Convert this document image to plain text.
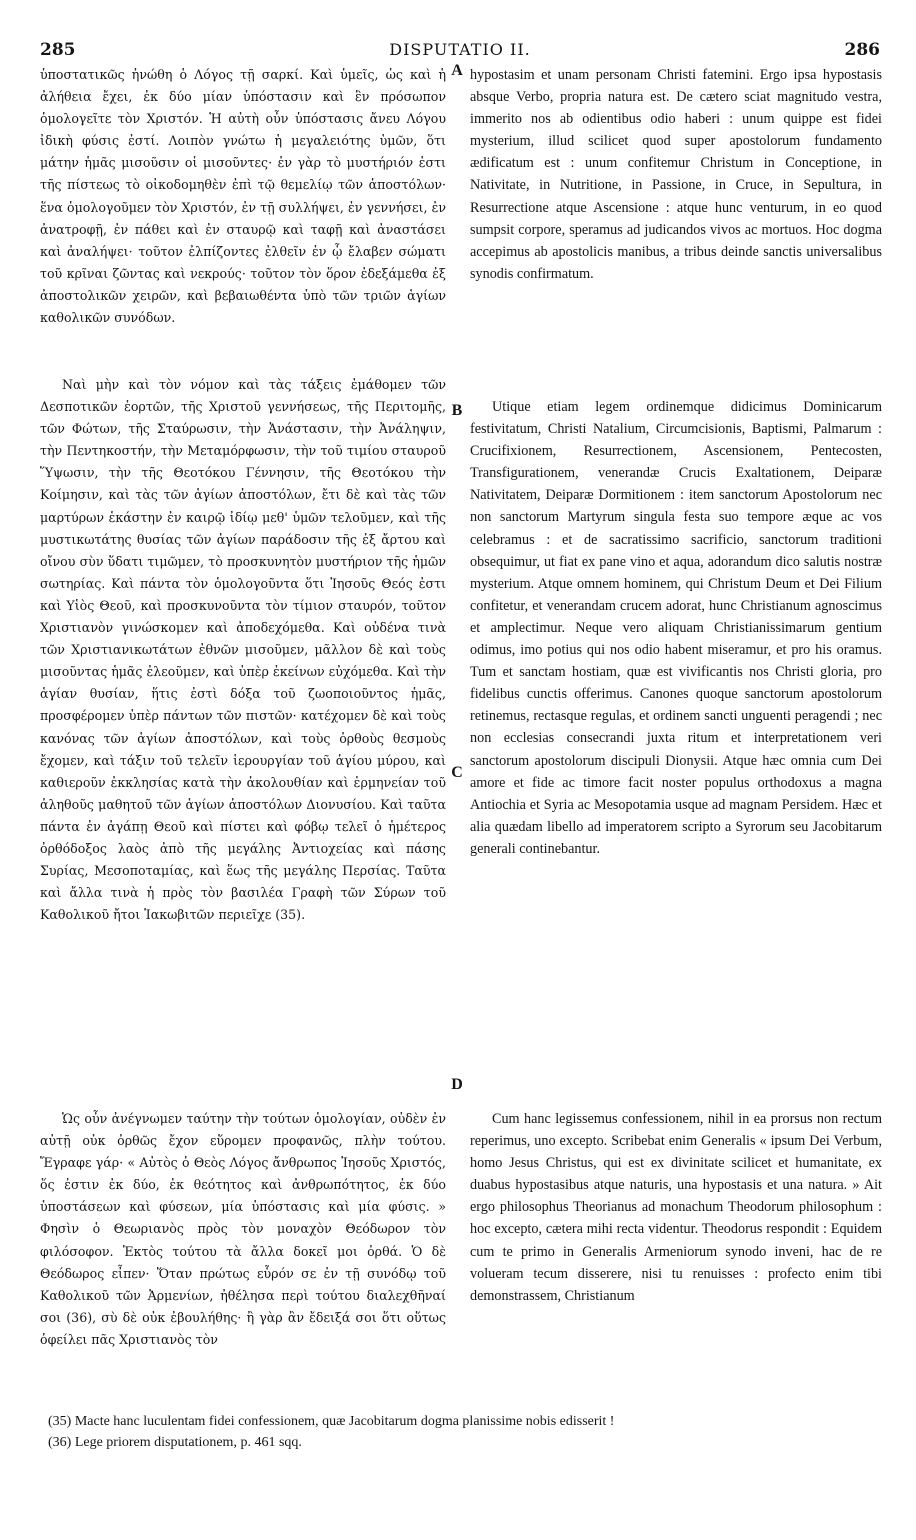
285	DISPUTATIO II.	286

ὑποστατικῶς ἡνώθη ὁ Λόγος τῇ σαρκί. Καὶ ὑμεῖς, ὡς καὶ ἡ ἀλήθεια ἔχει, ἐκ δύο μίαν ὑπόστασιν καὶ ἓν πρόσωπον ὁμολογεῖτε τὸν Χριστόν. Ἡ αὐτὴ οὖν ὑπόστασις ἄνευ Λόγου ἰδικὴ φύσις ἐστί. Λοιπὸν γνώτω ἡ μεγαλειότης ὑμῶν, ὅτι μάτην ἡμᾶς μισοῦσιν οἱ μισοῦντες· ἐν γὰρ τὸ μυστήριόν ἐστι τῆς πίστεως τὸ οἰκοδομηθὲν ἐπὶ τῷ θεμελίῳ τῶν ἀποστόλων· ἕνα ὁμολογοῦμεν τὸν Χριστόν, ἐν τῇ συλλήψει, ἐν γεννήσει, ἐν ἀνατροφῇ, ἐν πάθει καὶ ἐν σταυρῷ καὶ ταφῇ καὶ ἀναστάσει καὶ ἀναλήψει· τοῦτον ἐλπίζοντες ἐλθεῖν ἐν ᾧ ἔλαβεν σώματι τοῦ κρῖναι ζῶντας καὶ νεκρούς· τοῦτον τὸν ὅρον ἐδεξάμεθα ἐξ ἀποστολικῶν χειρῶν, καὶ βεβαιωθέντα ὑπὸ τῶν τριῶν ἁγίων καθολικῶν συνόδων.

Ναὶ μὴν καὶ τὸν νόμον καὶ τὰς τάξεις ἐμάθομεν τῶν Δεσποτικῶν ἑορτῶν, τῆς Χριστοῦ γεννήσεως, τῆς Περιτομῆς, τῶν Φώτων, τῆς Σταύρωσιν, τὴν Ἀνάστασιν, τὴν Ἀνάληψιν, τὴν Πεντηκοστήν, τὴν Μεταμόρφωσιν, τὴν τοῦ τιμίου σταυροῦ Ὕψωσιν, τὴν τῆς Θεοτόκου Γέννησιν, τῆς Θεοτόκου τὴν Κοίμησιν, καὶ τὰς τῶν ἁγίων ἀποστόλων, ἔτι δὲ καὶ τὰς τῶν μαρτύρων ἑκάστην ἐν καιρῷ ἰδίῳ μεθ' ὑμῶν τελοῦμεν, καὶ τῆς μυστικωτάτης θυσίας τῶν ἁγίων παράδοσιν τῆς ἐξ ἄρτου καὶ οἴνου σὺν ὕδατι τιμῶμεν, τὸ προσκυνητὸν μυστήριον τῆς ἡμῶν σωτηρίας. Καὶ πάντα τὸν ὁμολογοῦντα ὅτι Ἰησοῦς Θεός ἐστι καὶ Υἱὸς Θεοῦ, καὶ προσκυνοῦντα τὸν τίμιον σταυρόν, τοῦτον Χριστιανὸν γινώσκομεν καὶ ἀποδεχόμεθα. Καὶ οὐδένα τινὰ τῶν Χριστιανικωτάτων ἐθνῶν μισοῦμεν, μᾶλλον δὲ καὶ τοὺς μισοῦντας ἡμᾶς ἐλεοῦμεν, καὶ ὑπὲρ ἐκείνων εὐχόμεθα. Καὶ τὴν ἁγίαν θυσίαν, ἥτις ἐστὶ δόξα τοῦ ζωοποιοῦντος ἡμᾶς, προσφέρομεν ὑπὲρ πάντων τῶν πιστῶν· κατέχομεν δὲ καὶ τοὺς κανόνας τῶν ἁγίων ἀποστόλων, καὶ τοὺς ὀρθοὺς θεσμοὺς ἔχομεν, καὶ τάξιν τοῦ τελεῖν ἱερουργίαν τοῦ ἁγίου μύρου, καὶ καθιεροῦν ἐκκλησίας κατὰ τὴν ἀκολουθίαν καὶ ἑρμηνείαν τοῦ ἀληθοῦς μαθητοῦ τῶν ἁγίων ἀποστόλων Διονυσίου. Καὶ ταῦτα πάντα ἐν ἀγάπῃ Θεοῦ καὶ πίστει καὶ φόβῳ τελεῖ ὁ ἡμέτερος ὀρθόδοξος λαὸς ἀπὸ τῆς μεγάλης Ἀντιοχείας καὶ πάσης Συρίας, Μεσοποταμίας, καὶ ἕως τῆς μεγάλης Περσίας. Ταῦτα καὶ ἄλλα τινὰ ἡ πρὸς τὸν βασιλέα Γραφὴ τῶν Σύρων τοῦ Καθολικοῦ ἤτοι Ἰακωβιτῶν περιεῖχε (35).

Ὡς οὖν ἀνέγνωμεν ταύτην τὴν τούτων ὁμολογίαν, οὐδὲν ἐν αὐτῇ οὐκ ὀρθῶς ἔχον εὕρομεν προφανῶς, πλὴν τούτου. Ἔγραφε γάρ· « Αὐτὸς ὁ Θεὸς Λόγος ἄνθρωπος Ἰησοῦς Χριστός, ὅς ἐστιν ἐκ δύο, ἐκ θεότητος καὶ ἀνθρωπότητος, ἐκ δύο ὑποστάσεων καὶ φύσεων, μία ὑπόστασις καὶ μία φύσις. » Φησὶν ὁ Θεωριανὸς πρὸς τὸν μοναχὸν Θεόδωρον τὸν φιλόσοφον. Ἐκτὸς τούτου τὰ ἄλλα δοκεῖ μοι ὀρθά. Ὁ δὲ Θεόδωρος εἶπεν· Ὅταν πρώτως εὗρόν σε ἐν τῇ συνόδῳ τοῦ Καθολικοῦ τῶν Ἀρμενίων, ἠθέλησα περὶ τούτου διαλεχθῆναί σοι (36), σὺ δὲ οὐκ ἐβουλήθης· ἢ γὰρ ἂν ἔδειξά σοι ὅτι οὕτως ὀφείλει πᾶς Χριστιανὸς τὸν

A
B
C
D

hypostasim et unam personam Christi fatemini. Ergo ipsa hypostasis absque Verbo, propria natura est. De cætero sciat magnitudo vestra, immerito nos ab odientibus odio haberi : unum quippe est fidei mysterium, illud scilicet quod super apostolorum fundamento ædificatum est : unum confitemur Christum in Conceptione, in Nativitate, in Nutritione, in Passione, in Cruce, in Sepultura, in Resurrectione atque Ascensione : atque hunc venturum, in eo quod sumpsit corpore, speramus ad judicandos vivos ac mortuos. Hoc dogma accepimus ab apostolicis manibus, a tribus deinde sanctis universalibus synodis confirmatum.

Utique etiam legem ordinemque didicimus Dominicarum festivitatum, Christi Natalium, Circumcisionis, Baptismi, Palmarum : Crucifixionem, Resurrectionem, Ascensionem, Pentecosten, Transfigurationem, venerandæ Crucis Exaltationem, Deiparæ Nativitatem, Deiparæ Dormitionem : item sanctorum Apostolorum nec non sanctorum Martyrum singula festa suo tempore æque ac vos celebramus : et de sacratissimo sacrificio, sanctorum traditioni obsequimur, ut fiat ex pane vino et aqua, adorandum dico salutis nostræ mysterium. Atque omnem hominem, qui Christum Deum et Dei Filium confitetur, et venerandam crucem adorat, hunc Christianum agnoscimus et amplectimur. Neque vero aliquam Christianissimarum gentium odimus, imo potius qui nos odio habent miseramur, et pro his oramus. Tum et sanctam hostiam, quæ est vivificantis nos Christi gloria, pro fidelibus cunctis offerimus. Canones quoque sanctorum apostolorum retinemus, rectasque regulas, et ordinem sancti unguenti peragendi ; nec non ecclesias consecrandi juxta ritum et interpretationem veri sanctorum apostolorum discipuli Dionysii. Atque hæc omnia cum Dei amore et fide ac timore facit noster populus orthodoxus a magna Antiochia et Syria ac Mesopotamia usque ad magnam Persidem. Hæc et alia quædam libello ad imperatorem scripto a Syrorum seu Jacobitarum generali continebantur.

Cum hanc legissemus confessionem, nihil in ea prorsus non rectum reperimus, uno excepto. Scribebat enim Generalis « ipsum Dei Verbum, homo Jesus Christus, qui est ex divinitate scilicet et humanitate, ex duabus hypostasibus atque naturis, una hypostasis et una natura. » Ait ergo philosophus Theorianus ad monachum Theodorum philosophum : hoc excepto, cætera mihi recta videntur. Theodorus respondit : Equidem cum te primo in Generalis Armeniorum synodo inveni, hac de re volueram tecum disserere, nisi tu renuisses : profecto enim tibi demonstrassem, Christianum

(35) Macte hanc luculentam fidei confessionem, quæ Jacobitarum dogma planissime nobis edisserit !

(36) Lege priorem disputationem, p. 461 sqq.
